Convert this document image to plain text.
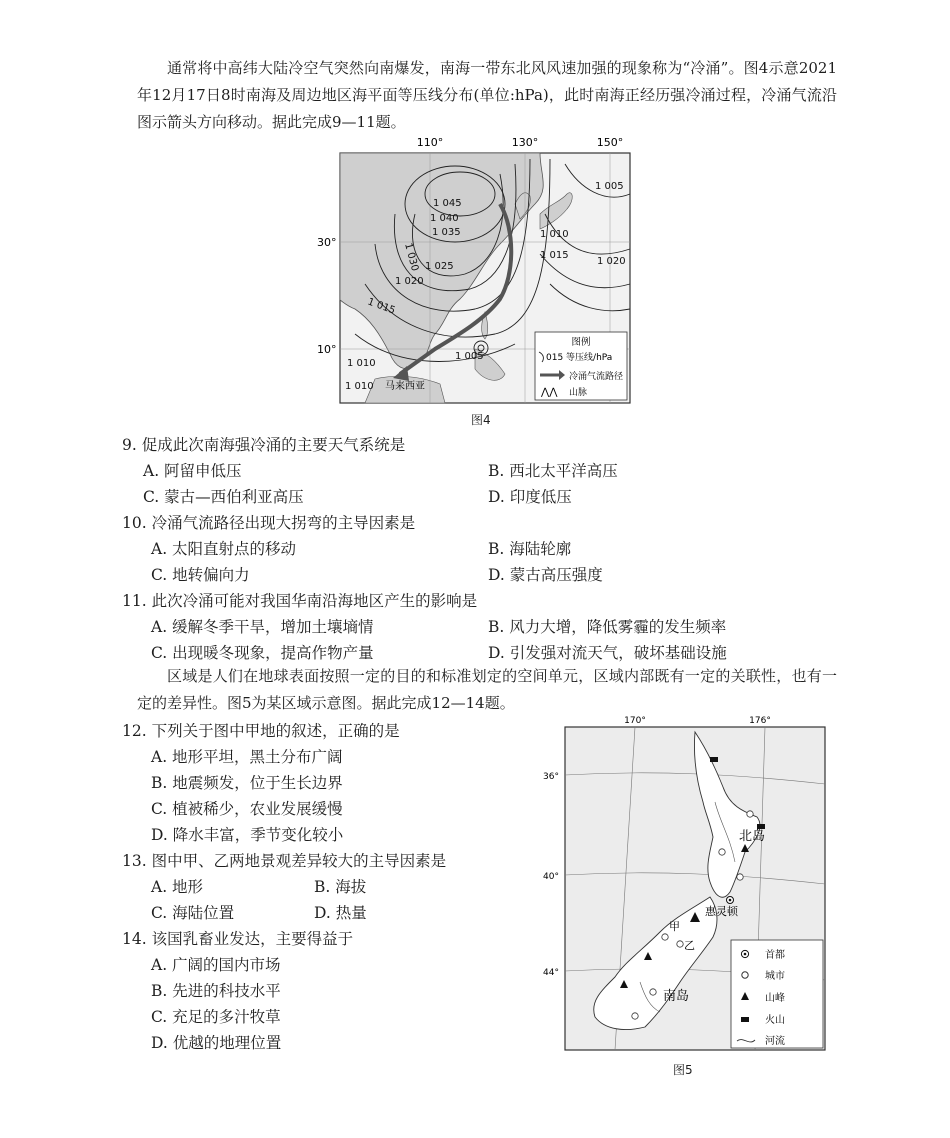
通常将中高纬大陆冷空气突然向南爆发，南海一带东北风风速加强的现象称为“冷涌”。图4示意2021年12月17日8时南海及周边地区海平面等压线分布(单位:hPa)，此时南海正经历强冷涌过程，冷涌气流沿图示箭头方向移动。据此完成9—11题。
110°	130°	150°
30°
10°
1 045
1 040
1 035
1 030 1 025
1 020
1 015
1 010
1 005
1 010
1 015
1 020
1 010
1 005
马来西亚
图例
015 等压线/hPa
冷涌气流路径
⋀⋀ 山脉
图4
9. 促成此次南海强冷涌的主要天气系统是
A. 阿留申低压	B. 西北太平洋高压
C. 蒙古—西伯利亚高压	D. 印度低压
10. 冷涌气流路径出现大拐弯的主导因素是
A. 太阳直射点的移动	B. 海陆轮廓
C. 地转偏向力	D. 蒙古高压强度
11. 此次冷涌可能对我国华南沿海地区产生的影响是
A. 缓解冬季干旱，增加土壤墒情	B. 风力大增，降低雾霾的发生频率
C. 出现暖冬现象，提高作物产量	D. 引发强对流天气，破坏基础设施
区域是人们在地球表面按照一定的目的和标准划定的空间单元，区域内部既有一定的关联性，也有一定的差异性。图5为某区域示意图。据此完成12—14题。
12. 下列关于图中甲地的叙述，正确的是
A. 地形平坦，黑土分布广阔
B. 地震频发，位于生长边界
C. 植被稀少，农业发展缓慢
D. 降水丰富，季节变化较小
13. 图中甲、乙两地景观差异较大的主导因素是
A. 地形	B. 海拔
C. 海陆位置	D. 热量
14. 该国乳畜业发达，主要得益于
A. 广阔的国内市场
B. 先进的科技水平
C. 充足的多汁牧草
D. 优越的地理位置
惠灵顿
北岛
南岛
甲
乙
170°	176°
36°
40°
44°
首都
城市
山峰
火山
河流
图5
